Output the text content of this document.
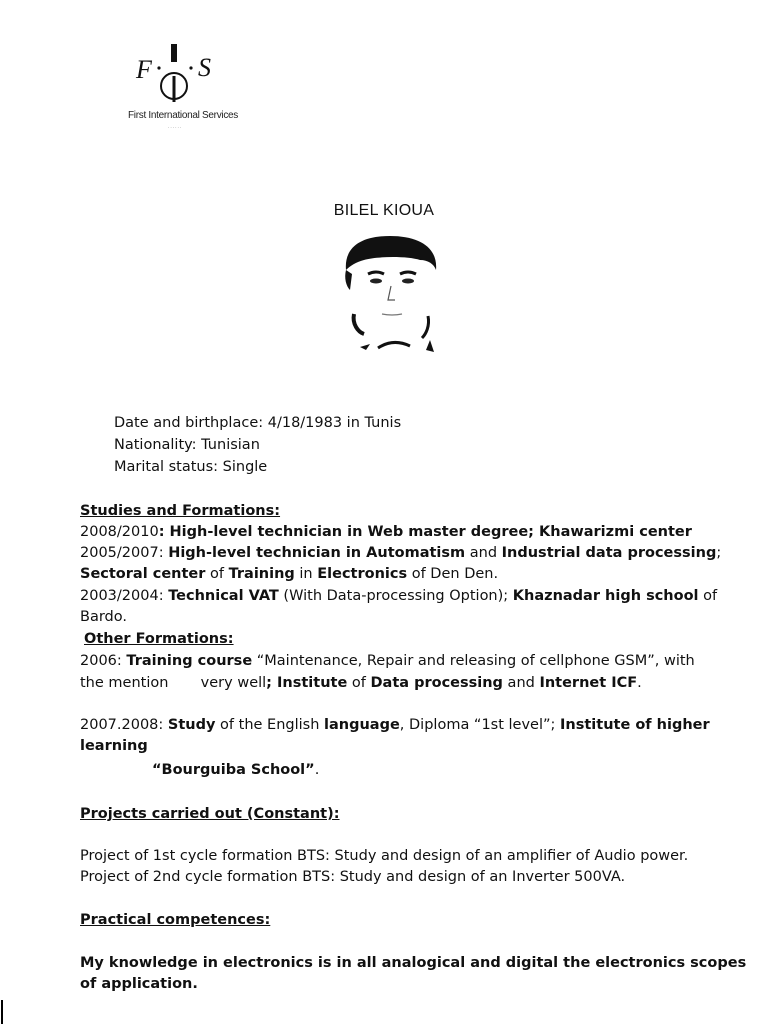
F S
First International Services
......
BILEL KIOUA
Date and birthplace: 4/18/1983 in Tunis
Nationality: Tunisian
Marital status: Single
Studies and Formations:
2008/2010: High-level technician in Web master degree; Khawarizmi center
2005/2007: High-level technician in Automatism and Industrial data processing;
Sectoral center of Training in Electronics of Den Den.
2003/2004: Technical VAT (With Data-processing Option); Khaznadar high school of
Bardo.
Other Formations:
2006: Training course “Maintenance, Repair and releasing of cellphone GSM”, with
the mention       very well; Institute of Data processing and Internet ICF.
2007.2008: Study of the English language, Diploma “1st level”; Institute of higher
learning
“Bourguiba School”.
Projects carried out (Constant):
Project of 1st cycle formation BTS: Study and design of an amplifier of Audio power.
Project of 2nd cycle formation BTS: Study and design of an Inverter 500VA.
Practical competences:
My knowledge in electronics is in all analogical and digital the electronics scopes
of application.
